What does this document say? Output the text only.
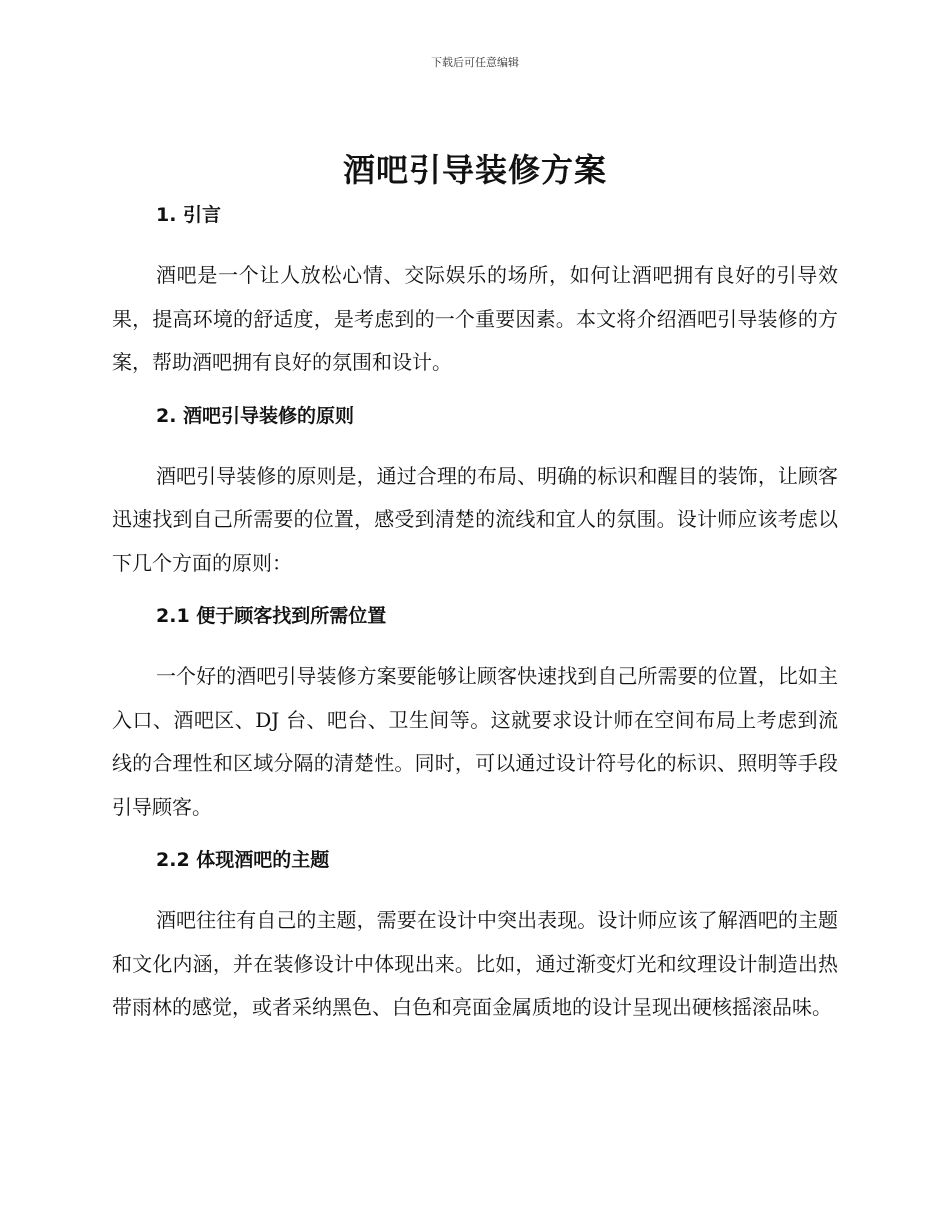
下载后可任意编辑
酒吧引导装修方案
1. 引言

酒吧是一个让人放松心情、交际娱乐的场所，如何让酒吧拥有良好的引导效果，提高环境的舒适度，是考虑到的一个重要因素。本文将介绍酒吧引导装修的方案，帮助酒吧拥有良好的氛围和设计。

2. 酒吧引导装修的原则

酒吧引导装修的原则是，通过合理的布局、明确的标识和醒目的装饰，让顾客迅速找到自己所需要的位置，感受到清楚的流线和宜人的氛围。设计师应该考虑以下几个方面的原则：

2.1 便于顾客找到所需位置

一个好的酒吧引导装修方案要能够让顾客快速找到自己所需要的位置，比如主入口、酒吧区、DJ 台、吧台、卫生间等。这就要求设计师在空间布局上考虑到流线的合理性和区域分隔的清楚性。同时，可以通过设计符号化的标识、照明等手段引导顾客。

2.2 体现酒吧的主题

酒吧往往有自己的主题，需要在设计中突出表现。设计师应该了解酒吧的主题和文化内涵，并在装修设计中体现出来。比如，通过渐变灯光和纹理设计制造出热带雨林的感觉，或者采纳黑色、白色和亮面金属质地的设计呈现出硬核摇滚品味。
